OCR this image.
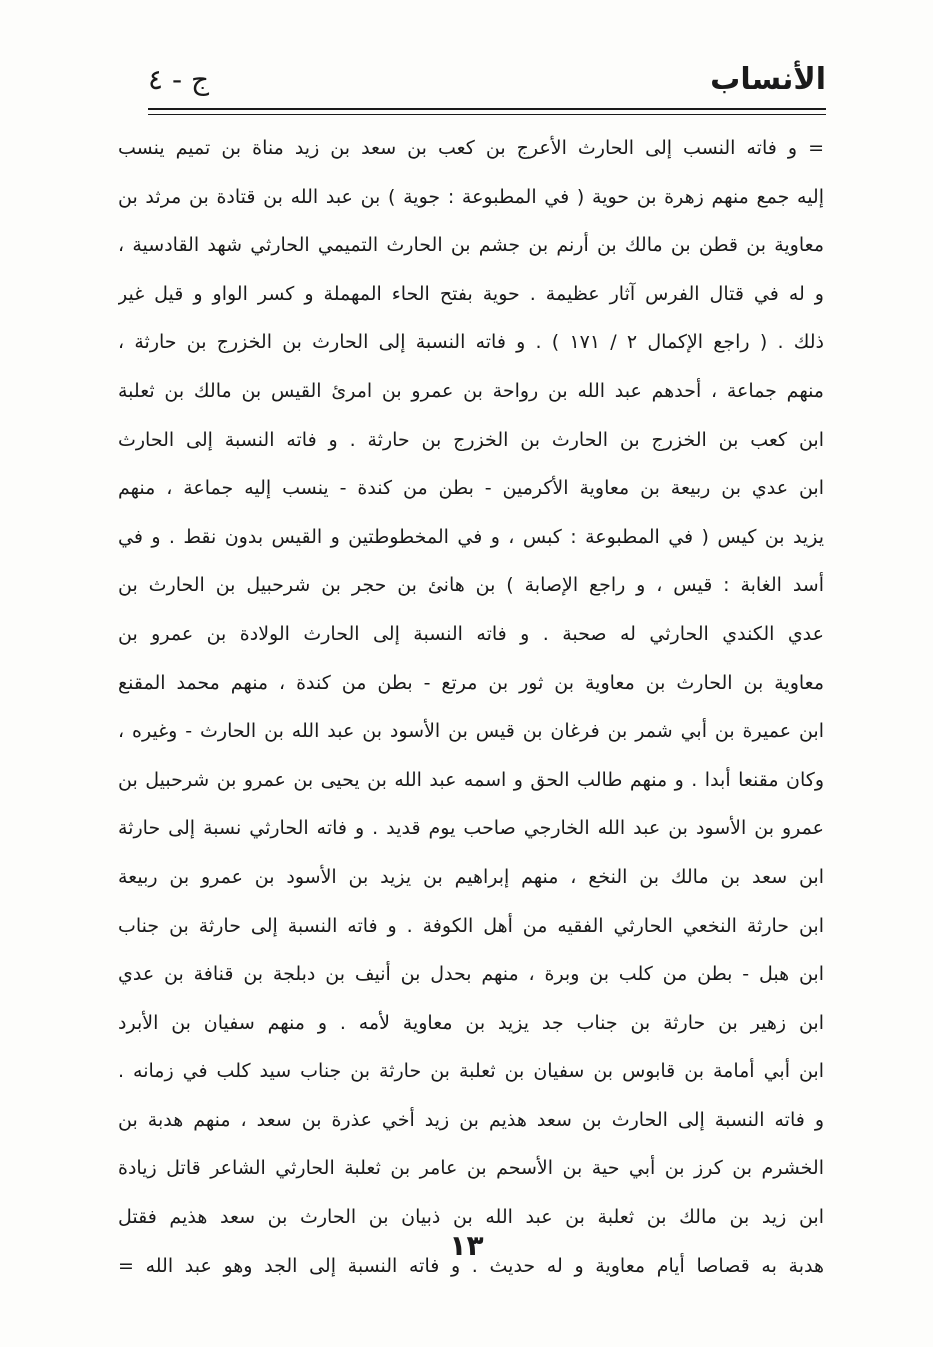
الأنساب
ج - ٤
= و فاته النسب إلى الحارث الأعرج بن كعب بن سعد بن زيد مناة بن تميم ينسب
إليه جمع منهم زهرة بن حوية ( في المطبوعة : جوية ) بن عبد الله بن قتادة بن مرثد بن
معاوية بن قطن بن مالك بن أرنم بن جشم بن الحارث التميمي الحارثي شهد القادسية ،
و له في قتال الفرس آثار عظيمة . حوية بفتح الحاء المهملة و كسر الواو و قيل غير
ذلك . ( راجع الإكمال ٢ / ١٧١ ) . و فاته النسبة إلى الحارث بن الخزرج بن حارثة ،
منهم جماعة ، أحدهم عبد الله بن رواحة بن عمرو بن امرئ القيس بن مالك بن ثعلبة
ابن كعب بن الخزرج بن الحارث بن الخزرج بن حارثة . و فاته النسبة إلى الحارث
ابن عدي بن ربيعة بن معاوية الأكرمين - بطن من كندة - ينسب إليه جماعة ، منهم
يزيد بن كيس ( في المطبوعة : كبس ، و في المخطوطتين و القيس بدون نقط . و في
أسد الغابة : قيس ، و راجع الإصابة ) بن هانئ بن حجر بن شرحبيل بن الحارث بن
عدي الكندي الحارثي له صحبة . و فاته النسبة إلى الحارث الولادة بن عمرو بن
معاوية بن الحارث بن معاوية بن ثور بن مرتع - بطن من كندة ، منهم محمد المقنع
ابن عميرة بن أبي شمر بن فرغان بن قيس بن الأسود بن عبد الله بن الحارث - وغيره ،
وكان مقنعا أبدا . و منهم طالب الحق و اسمه عبد الله بن يحيى بن عمرو بن شرحبيل بن
عمرو بن الأسود بن عبد الله الخارجي صاحب يوم قديد . و فاته الحارثي نسبة إلى حارثة
ابن سعد بن مالك بن النخع ، منهم إبراهيم بن يزيد بن الأسود بن عمرو بن ربيعة
ابن حارثة النخعي الحارثي الفقيه من أهل الكوفة . و فاته النسبة إلى حارثة بن جناب
ابن هبل - بطن من كلب بن وبرة ، منهم بحدل بن أنيف بن دبلجة بن قنافة بن عدي
ابن زهير بن حارثة بن جناب جد يزيد بن معاوية لأمه . و منهم سفيان بن الأبرد
ابن أبي أمامة بن قابوس بن سفيان بن ثعلبة بن حارثة بن جناب سيد كلب في زمانه .
و فاته النسبة إلى الحارث بن سعد هذيم بن زيد أخي عذرة بن سعد ، منهم هدبة بن
الخشرم بن كرز بن أبي حية بن الأسحم بن عامر بن ثعلبة الحارثي الشاعر قاتل زيادة
ابن زيد بن مالك بن ثعلبة بن عبد الله بن ذبيان بن الحارث بن سعد هذيم فقتل
هدبة به قصاصا أيام معاوية و له حديث . و فاته النسبة إلى الجد وهو عبد الله =
١٣
